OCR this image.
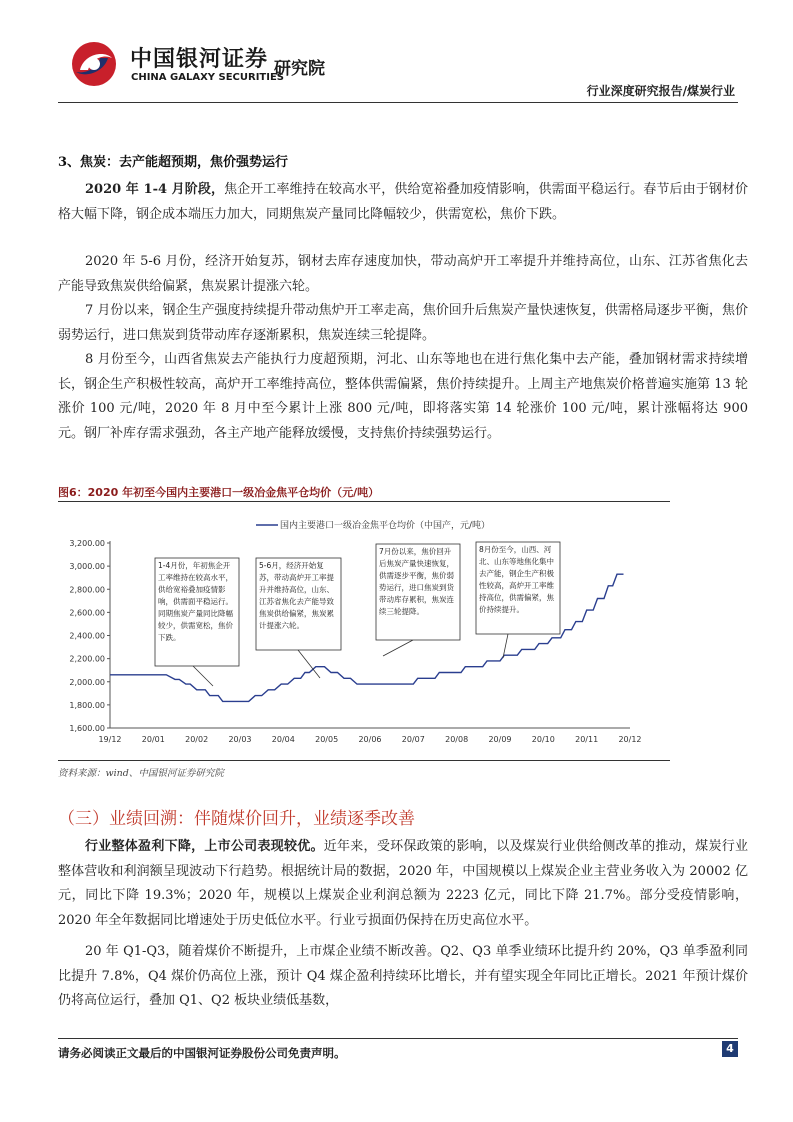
中国银河证券
CHINA GALAXY SECURITIES
研究院
行业深度研究报告/煤炭行业
3、焦炭：去产能超预期，焦价强势运行

2020 年 1-4 月阶段，焦企开工率维持在较高水平，供给宽裕叠加疫情影响，供需面平稳运行。春节后由于钢材价格大幅下降，钢企成本端压力加大，同期焦炭产量同比降幅较少，供需宽松，焦价下跌。

2020 年 5-6 月份，经济开始复苏，钢材去库存速度加快，带动高炉开工率提升并维持高位，山东、江苏省焦化去产能导致焦炭供给偏紧，焦炭累计提涨六轮。

7 月份以来，钢企生产强度持续提升带动焦炉开工率走高，焦价回升后焦炭产量快速恢复，供需格局逐步平衡，焦价弱势运行，进口焦炭到货带动库存逐渐累积，焦炭连续三轮提降。

8 月份至今，山西省焦炭去产能执行力度超预期，河北、山东等地也在进行焦化集中去产能，叠加钢材需求持续增长，钢企生产积极性较高，高炉开工率维持高位，整体供需偏紧，焦价持续提升。上周主产地焦炭价格普遍实施第 13 轮涨价 100 元/吨，2020 年 8 月中至今累计上涨 800 元/吨，即将落实第 14 轮涨价 100 元/吨，累计涨幅将达 900 元。钢厂补库存需求强劲，各主产地产能释放缓慢，支持焦价持续强势运行。

图6：2020 年初至今国内主要港口一级冶金焦平仓均价（元/吨）
国内主要港口一级冶金焦平仓均价（中国产，元/吨）
3,200.00
3,000.00
2,800.00
2,600.00
2,400.00
2,200.00
2,000.00
1,800.00
1,600.00
19/12	20/01	20/02	20/03	20/04	20/05	20/06	20/07	20/08	20/09	20/10	20/11	20/12
1-4月份，年初焦企开工率维持在较高水平，供给宽裕叠加疫情影响，供需面平稳运行。同期焦炭产量同比降幅较少，供需宽松，焦价下跌。
5-6月，经济开始复苏，带动高炉开工率提升并维持高位，山东、江苏省焦化去产能导致焦炭供给偏紧，焦炭累计提涨六轮。
7月份以来，焦价回升后焦炭产量快速恢复，供需逐步平衡，焦价弱势运行，进口焦炭到货带动库存累积，焦炭连续三轮提降。
8月份至今，山西、河北、山东等地焦化集中去产能，钢企生产积极性较高，高炉开工率维持高位，供需偏紧，焦价持续提升。
资料来源：wind、中国银河证券研究院
（三）业绩回溯：伴随煤价回升，业绩逐季改善

行业整体盈利下降，上市公司表现较优。近年来，受环保政策的影响，以及煤炭行业供给侧改革的推动，煤炭行业整体营收和利润额呈现波动下行趋势。根据统计局的数据，2020 年，中国规模以上煤炭企业主营业务收入为 20002 亿元，同比下降 19.3%；2020 年，规模以上煤炭企业利润总额为 2223 亿元，同比下降 21.7%。部分受疫情影响，2020 年全年数据同比增速处于历史低位水平。行业亏损面仍保持在历史高位水平。

20 年 Q1-Q3，随着煤价不断提升，上市煤企业绩不断改善。Q2、Q3 单季业绩环比提升约 20%，Q3 单季盈利同比提升 7.8%，Q4 煤价仍高位上涨，预计 Q4 煤企盈利持续环比增长，并有望实现全年同比正增长。2021 年预计煤价仍将高位运行，叠加 Q1、Q2 板块业绩低基数，

请务必阅读正文最后的中国银河证券股份公司免责声明。	4
